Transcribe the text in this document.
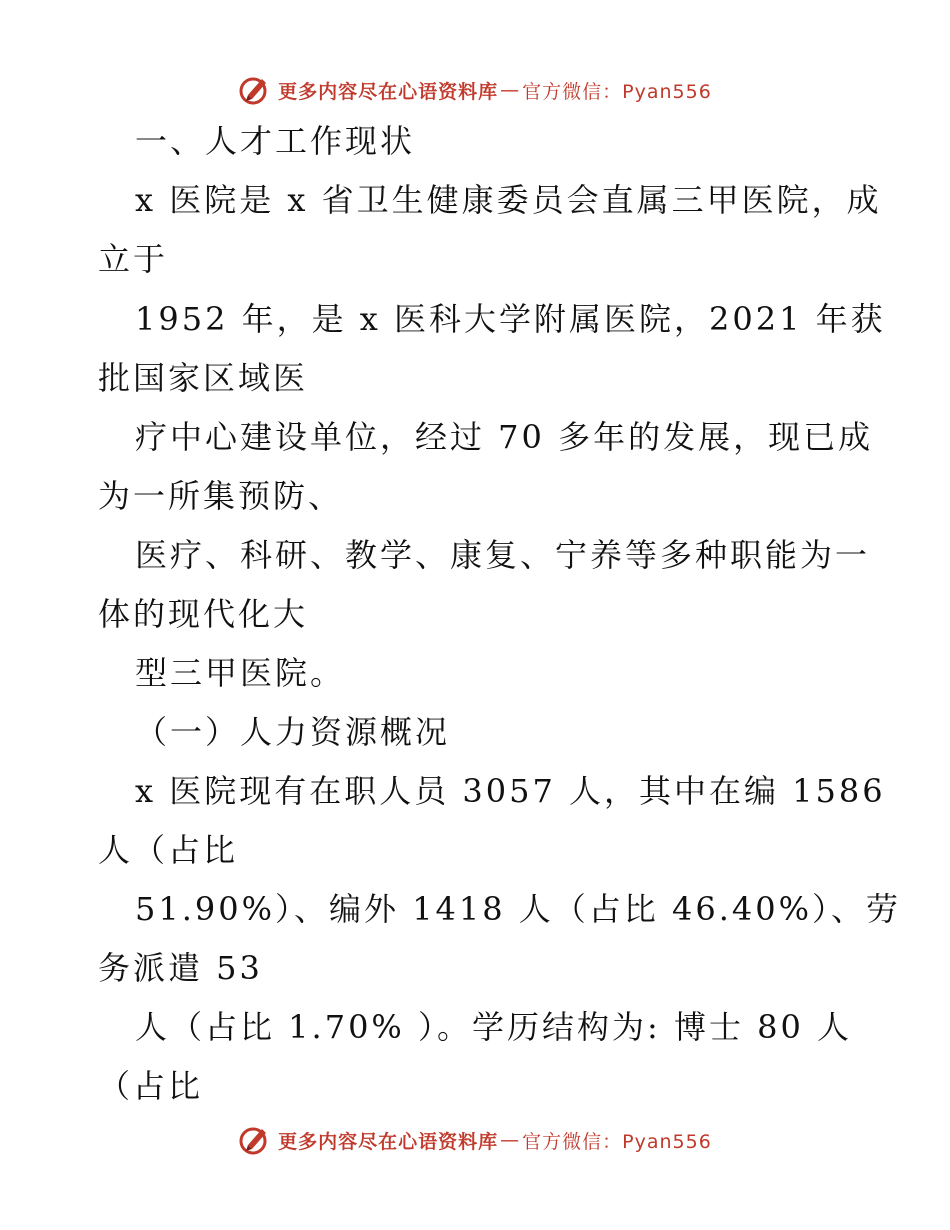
更多内容尽在心语资料库 — 官方微信：Pyan556
一、人才工作现状
x 医院是 x 省卫生健康委员会直属三甲医院，成
立于
1952 年，是 x 医科大学附属医院，2021 年获
批国家区域医
疗中心建设单位，经过 70 多年的发展，现已成
为一所集预防、
医疗、科研、教学、康复、宁养等多种职能为一
体的现代化大
型三甲医院。
（一）人力资源概况
x 医院现有在职人员 3057 人，其中在编 1586
人（占比
51.90%）、编外 1418 人（占比 46.40%）、劳
务派遣 53
人（占比 1.70% ）。学历结构为: 博士 80 人
（占比
更多内容尽在心语资料库 — 官方微信：Pyan556
